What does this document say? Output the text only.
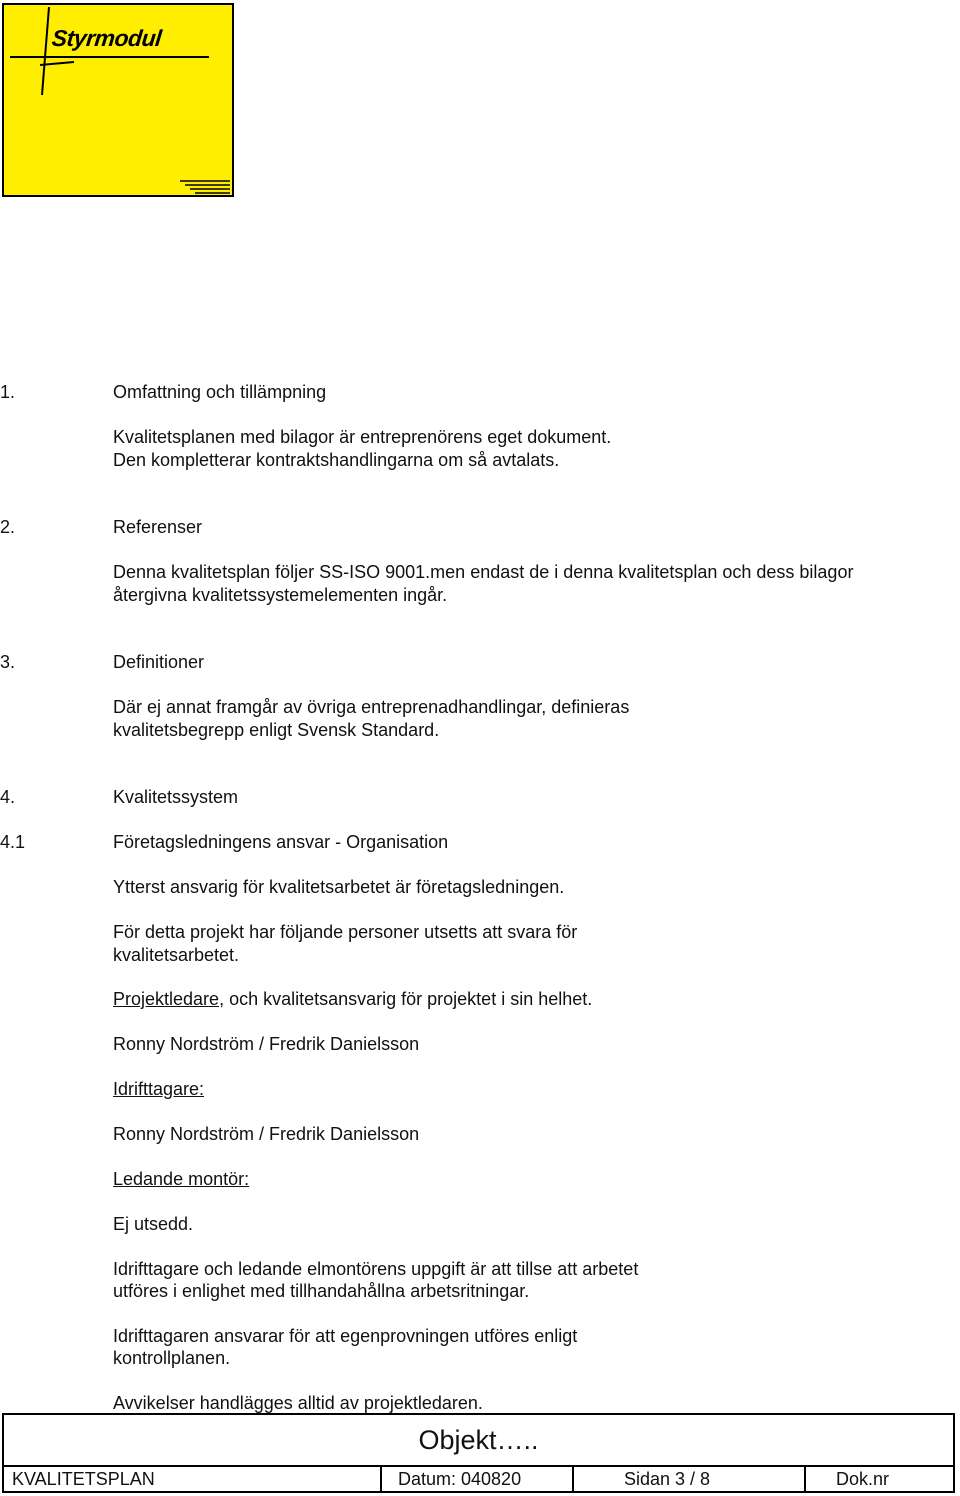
Styrmodul
1.	Omfattning och tillämpning
Kvalitetsplanen med bilagor är entreprenörens eget dokument.
Den kompletterar kontraktshandlingarna om så avtalats.
2.	Referenser
Denna kvalitetsplan följer SS-ISO 9001.men endast de i denna kvalitetsplan och dess bilagor
återgivna kvalitetssystemelementen ingår.
3.	Definitioner
Där ej annat framgår av övriga entreprenadhandlingar, definieras
kvalitetsbegrepp enligt Svensk Standard.
4.	Kvalitetssystem
4.1	Företagsledningens ansvar - Organisation
Ytterst ansvarig för kvalitetsarbetet är företagsledningen.
För detta projekt har följande personer utsetts att svara för
kvalitetsarbetet.
Projektledare, och kvalitetsansvarig för projektet i sin helhet.
Ronny Nordström / Fredrik Danielsson
Idrifttagare:
Ronny Nordström / Fredrik Danielsson
Ledande montör:
Ej utsedd.
Idrifttagare och ledande elmontörens uppgift är att tillse att arbetet
utföres i enlighet med tillhandahållna arbetsritningar.
Idrifttagaren ansvarar för att egenprovningen utföres enligt
kontrollplanen.
Avvikelser handlägges alltid av projektledaren.
Objekt…..
KVALITETSPLAN	Datum: 040820	Sidan 3 / 8	Dok.nr
